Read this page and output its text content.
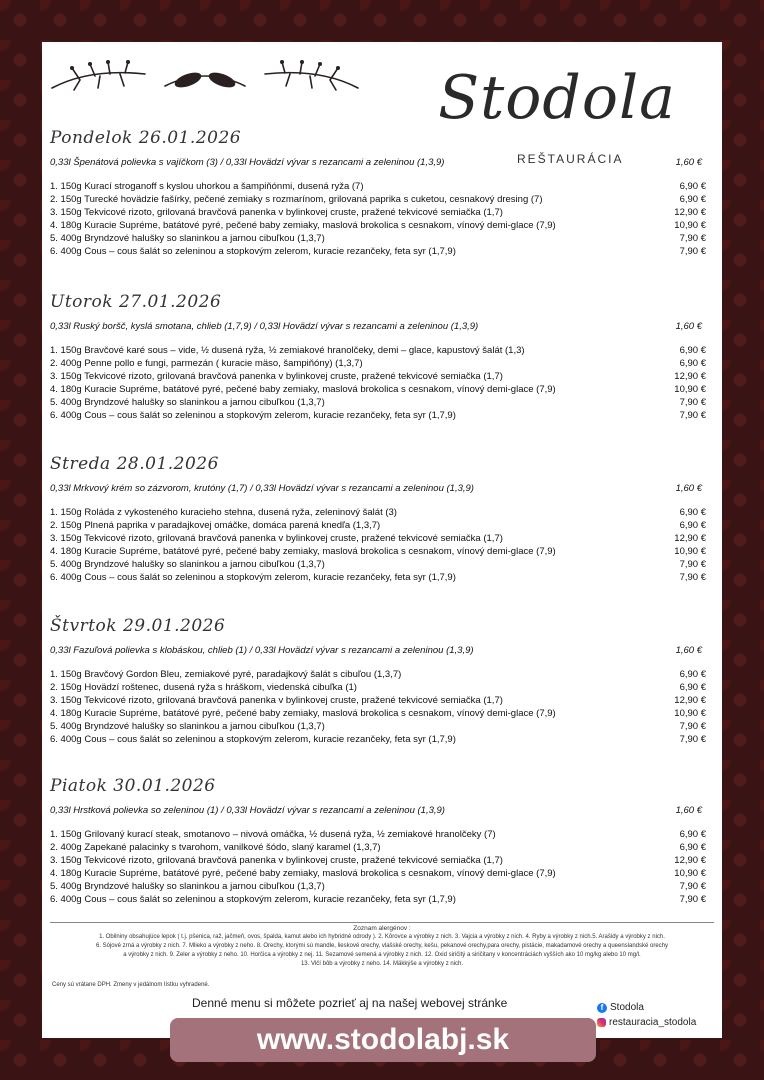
Stodola
REŠTAURÁCIA
Pondelok 26.01.2026
0,33l Špenátová polievka s vajíčkom (3) / 0,33l Hovädzí vývar s rezancami a zeleninou (1,3,9)	1,60 €
1. 150g Kurací stroganoff s kyslou uhorkou a šampiňónmi, dusená ryža (7)	6,90 €
2. 150g Turecké hovädzie fašírky, pečené zemiaky s rozmarínom, grilovaná paprika s cuketou, cesnakový dresing (7)	6,90 €
3. 150g Tekvicové rizoto, grilovaná bravčová panenka v bylinkovej cruste, pražené tekvicové semiačka (1,7)	12,90 €
4. 180g Kuracie Supréme, batátové pyré, pečené baby zemiaky, maslová brokolica s cesnakom, vínový demi-glace (7,9)	10,90 €
5. 400g Bryndzové halušky so slaninkou a jarnou cibuľkou (1,3,7)	7,90 €
6. 400g Cous – cous šalát so zeleninou a stopkovým zelerom, kuracie rezančeky, feta syr (1,7,9)	7,90 €
Utorok 27.01.2026
0,33l Ruský boršč, kyslá smotana, chlieb (1,7,9) / 0,33l Hovädzí vývar s rezancami a zeleninou (1,3,9)	1,60 €
1. 150g Bravčové karé sous – vide, ½ dusená ryža, ½ zemiakové hranolčeky, demi – glace, kapustový šalát (1,3)	6,90 €
2. 400g Penne pollo e fungi, parmezán ( kuracie mäso, šampiňóny) (1,3,7)	6,90 €
3. 150g Tekvicové rizoto, grilovaná bravčová panenka v bylinkovej cruste, pražené tekvicové semiačka (1,7)	12,90 €
4. 180g Kuracie Supréme, batátové pyré, pečené baby zemiaky, maslová brokolica s cesnakom, vínový demi-glace (7,9)	10,90 €
5. 400g Bryndzové halušky so slaninkou a jarnou cibuľkou (1,3,7)	7,90 €
6. 400g Cous – cous šalát so zeleninou a stopkovým zelerom, kuracie rezančeky, feta syr (1,7,9)	7,90 €
Streda 28.01.2026
0,33l Mrkvový krém so zázvorom, krutóny (1,7) / 0,33l Hovädzí vývar s rezancami a zeleninou (1,3,9)	1,60 €
1. 150g Roláda z vykosteného kuracieho stehna, dusená ryža, zeleninový šalát (3)	6,90 €
2. 150g Plnená paprika v paradajkovej omáčke, domáca parená knedľa (1,3,7)	6,90 €
3. 150g Tekvicové rizoto, grilovaná bravčová panenka v bylinkovej cruste, pražené tekvicové semiačka (1,7)	12,90 €
4. 180g Kuracie Supréme, batátové pyré, pečené baby zemiaky, maslová brokolica s cesnakom, vínový demi-glace (7,9)	10,90 €
5. 400g Bryndzové halušky so slaninkou a jarnou cibuľkou (1,3,7)	7,90 €
6. 400g Cous – cous šalát so zeleninou a stopkovým zelerom, kuracie rezančeky, feta syr (1,7,9)	7,90 €
Štvrtok 29.01.2026
0,33l Fazuľová polievka s klobáskou, chlieb (1) / 0,33l Hovädzí vývar s rezancami a zeleninou (1,3,9)	1,60 €
1. 150g Bravčový Gordon Bleu, zemiakové pyré, paradajkový šalát s cibuľou (1,3,7)	6,90 €
2. 150g Hovädzí roštenec, dusená ryža s hráškom, viedenská cibuľka (1)	6,90 €
3. 150g Tekvicové rizoto, grilovaná bravčová panenka v bylinkovej cruste, pražené tekvicové semiačka (1,7)	12,90 €
4. 180g Kuracie Supréme, batátové pyré, pečené baby zemiaky, maslová brokolica s cesnakom, vínový demi-glace (7,9)	10,90 €
5. 400g Bryndzové halušky so slaninkou a jarnou cibuľkou (1,3,7)	7,90 €
6. 400g Cous – cous šalát so zeleninou a stopkovým zelerom, kuracie rezančeky, feta syr (1,7,9)	7,90 €
Piatok 30.01.2026
0,33l Hrstková polievka so zeleninou (1) / 0,33l Hovädzí vývar s rezancami a zeleninou (1,3,9)	1,60 €
1. 150g Grilovaný kurací steak, smotanovo – nivová omáčka, ½ dusená ryža, ½ zemiakové hranolčeky (7)	6,90 €
2. 400g Zapekané palacinky s tvarohom, vanilkové šódo, slaný karamel (1,3,7)	6,90 €
3. 150g Tekvicové rizoto, grilovaná bravčová panenka v bylinkovej cruste, pražené tekvicové semiačka (1,7)	12,90 €
4. 180g Kuracie Supréme, batátové pyré, pečené baby zemiaky, maslová brokolica s cesnakom, vínový demi-glace (7,9)	10,90 €
5. 400g Bryndzové halušky so slaninkou a jarnou cibuľkou (1,3,7)	7,90 €
6. 400g Cous – cous šalát so zeleninou a stopkovým zelerom, kuracie rezančeky, feta syr (1,7,9)	7,90 €
Zoznam alergénov :
1. Obilniny obsahujúce lepok ( t.j. pšenica, raž, jačmeň, ovos, špalda, kamut alebo ich hybridné odrody ). 2. Kôrovce a výrobky z nich. 3. Vajcia a výrobky z nich. 4. Ryby a výrobky z nich.5. Arašidy a výrobky z nich.
6. Sójové zrná a výrobky z nich. 7. Mlieko a výrobky z neho. 8. Orechy, ktorými sú mandle, lieskové orechy, vlašské orechy, kešu, pekanové orechy,para orechy, pistácie, makadamové orechy a queenslandské orechy
a výrobky z nich. 9. Zeler a výrobky z neho. 10. Horčica a výrobky z nej. 11. Sezamové semená a výrobky z nich. 12. Oxid siričitý a siričitany v koncentráciách vyšších ako 10 mg/kg alebo 10 mg/l.
13. Vlčí bôb a výrobky z neho. 14. Mäkkýše a výrobky z nich.
Ceny sú vrátane DPH. Zmeny v jedálnom lístku vyhradené.
Denné menu si môžete pozrieť aj na našej webovej stránke	f Stodola
restauracia_stodola
www.stodolabj.sk
